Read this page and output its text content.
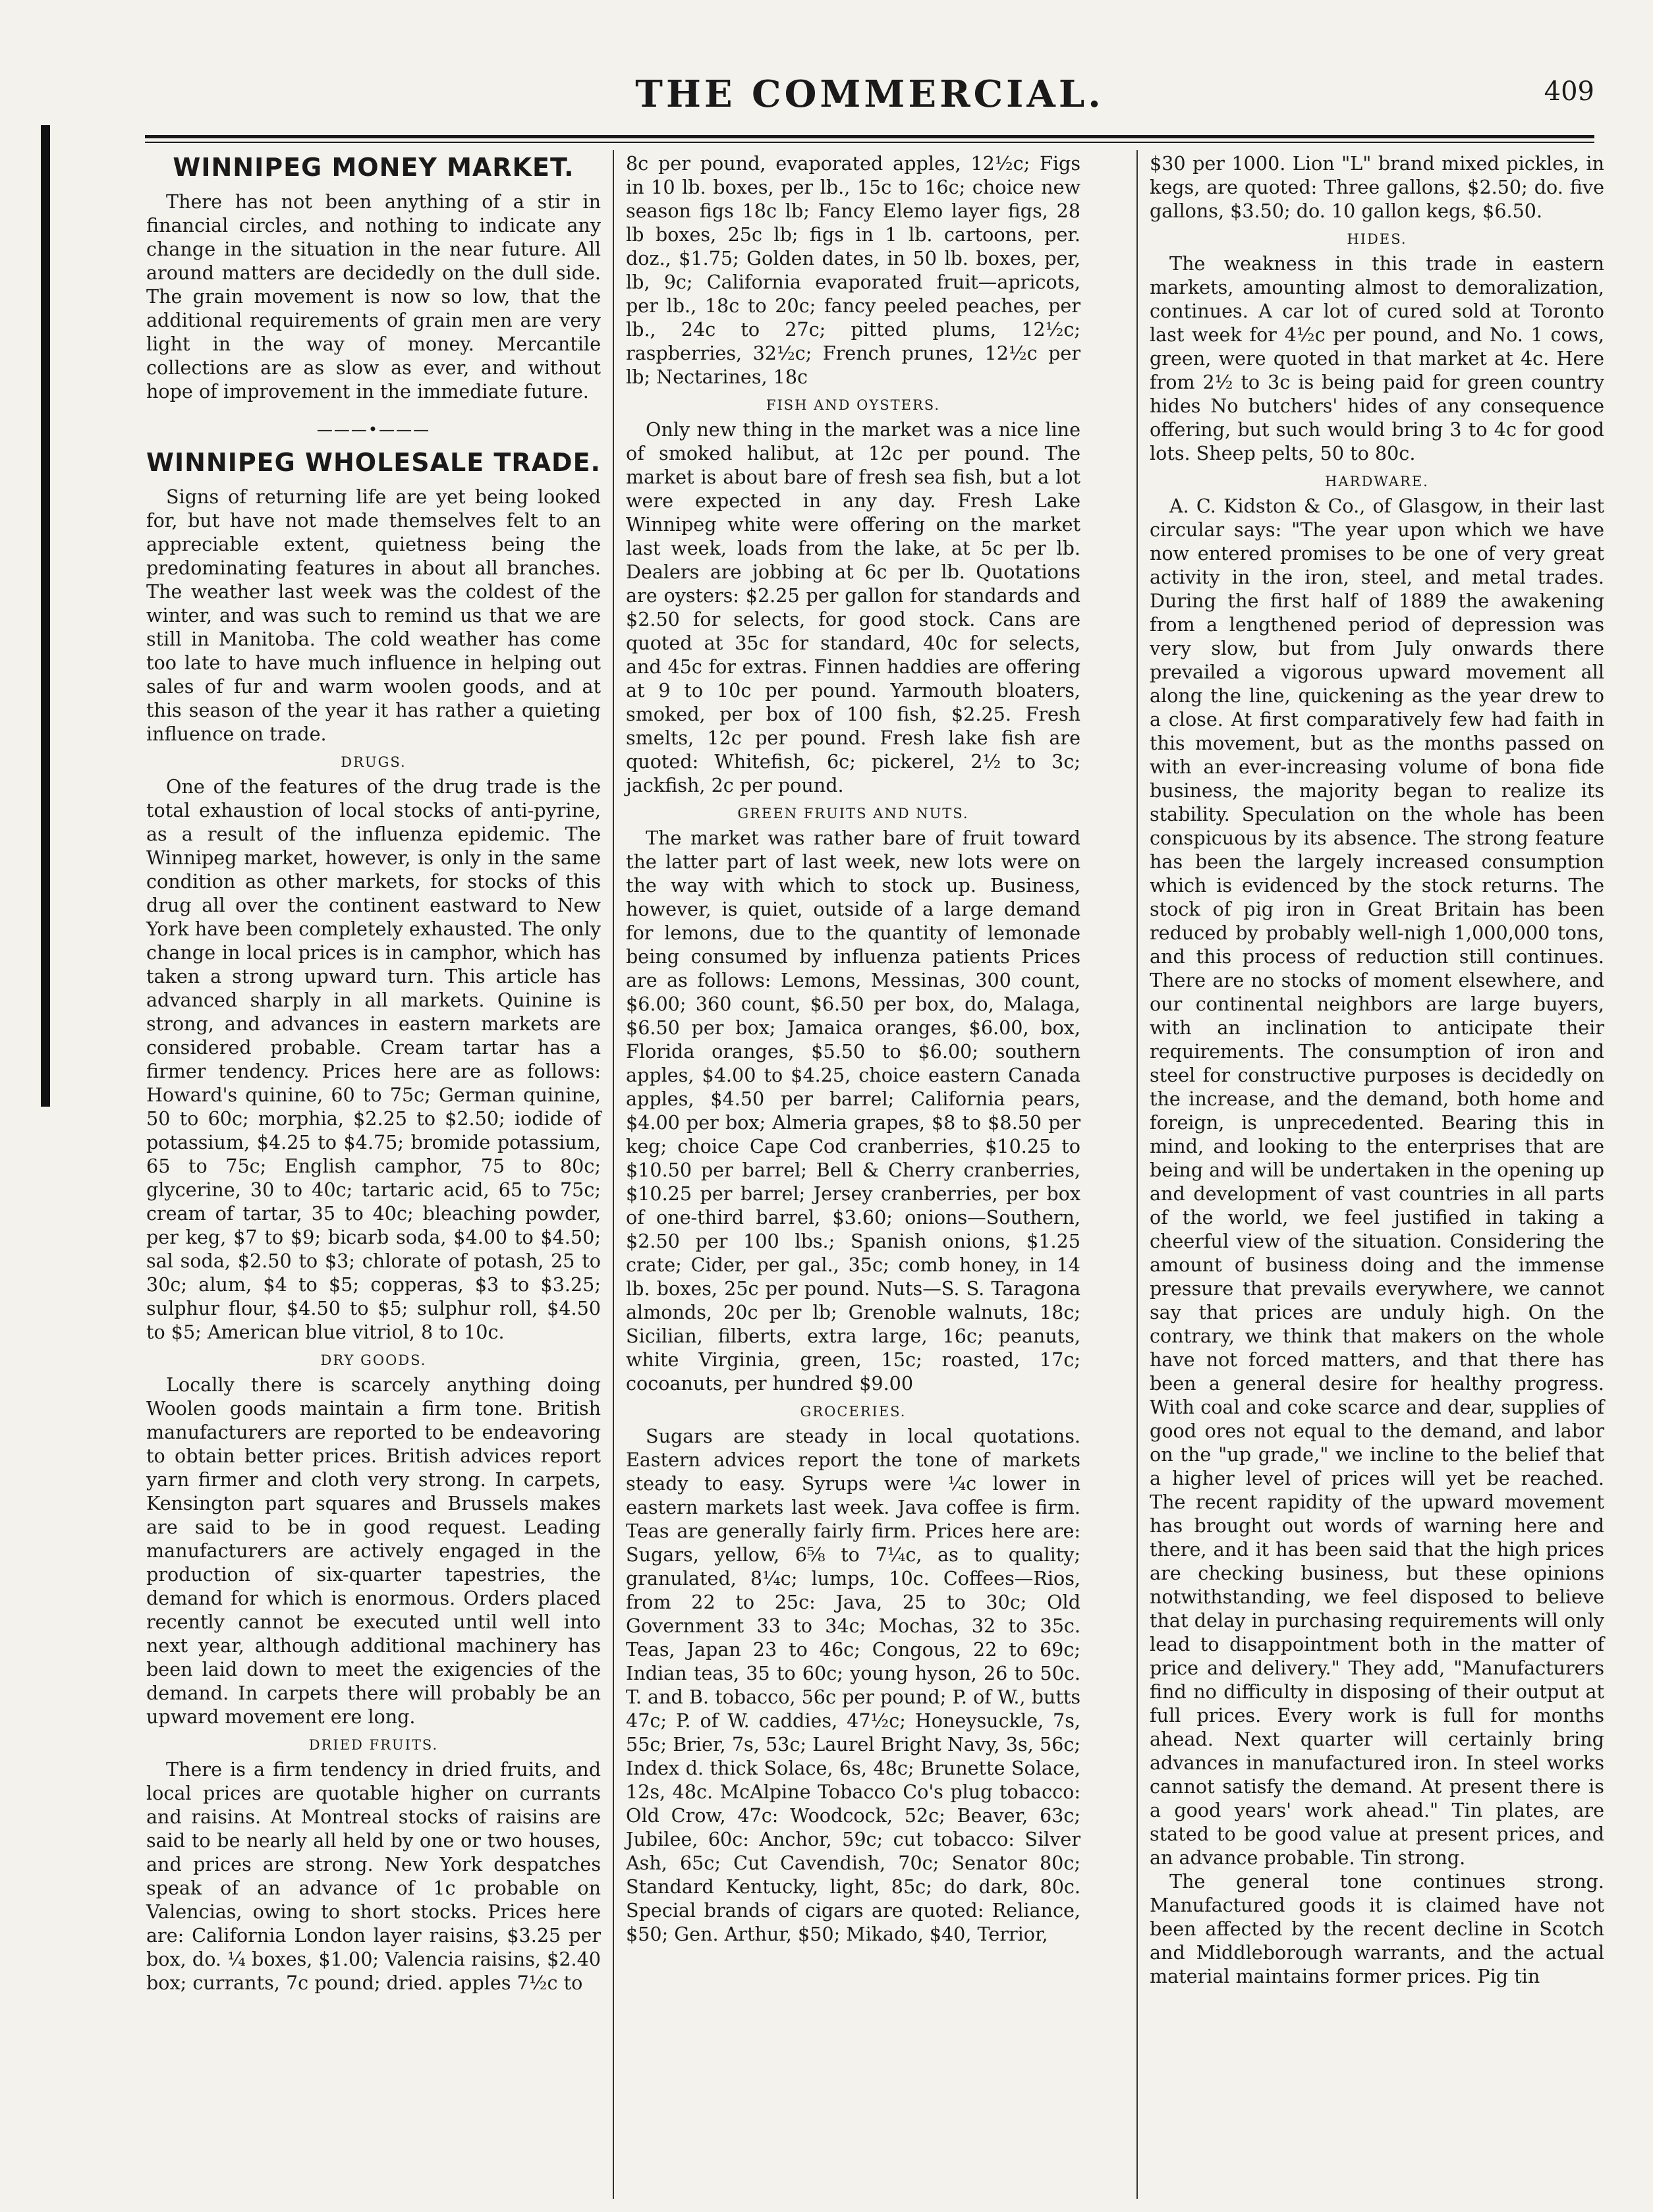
THE COMMERCIAL.	409
WINNIPEG MONEY MARKET.

There has not been anything of a stir in financial circles, and nothing to indicate any change in the situation in the near future. All around matters are decidedly on the dull side. The grain movement is now so low, that the additional requirements of grain men are very light in the way of money. Mercantile collections are as slow as ever, and without hope of improvement in the immediate future.

———•———
WINNIPEG WHOLESALE TRADE.

Signs of returning life are yet being looked for, but have not made themselves felt to an appreciable extent, quietness being the predominating features in about all branches. The weather last week was the coldest of the winter, and was such to remind us that we are still in Manitoba. The cold weather has come too late to have much influence in helping out sales of fur and warm woolen goods, and at this season of the year it has rather a quieting influence on trade.

DRUGS.

One of the features of the drug trade is the total exhaustion of local stocks of anti-pyrine, as a result of the influenza epidemic. The Winnipeg market, however, is only in the same condition as other markets, for stocks of this drug all over the continent eastward to New York have been completely exhausted. The only change in local prices is in camphor, which has taken a strong upward turn. This article has advanced sharply in all markets. Quinine is strong, and advances in eastern markets are considered probable. Cream tartar has a firmer tendency. Prices here are as follows: Howard's quinine, 60 to 75c; German quinine, 50 to 60c; morphia, $2.25 to $2.50; iodide of potassium, $4.25 to $4.75; bromide potassium, 65 to 75c; English camphor, 75 to 80c; glycerine, 30 to 40c; tartaric acid, 65 to 75c; cream of tartar, 35 to 40c; bleaching powder, per keg, $7 to $9; bicarb soda, $4.00 to $4.50; sal soda, $2.50 to $3; chlorate of potash, 25 to 30c; alum, $4 to $5; copperas, $3 to $3.25; sulphur flour, $4.50 to $5; sulphur roll, $4.50 to $5; American blue vitriol, 8 to 10c.

DRY GOODS.

Locally there is scarcely anything doing Woolen goods maintain a firm tone. British manufacturers are reported to be endeavoring to obtain better prices. British advices report yarn firmer and cloth very strong. In carpets, Kensington part squares and Brussels makes are said to be in good request. Leading manufacturers are actively engaged in the production of six-quarter tapestries, the demand for which is enormous. Orders placed recently cannot be executed until well into next year, although additional machinery has been laid down to meet the exigencies of the demand. In carpets there will probably be an upward movement ere long.

DRIED FRUITS.

There is a firm tendency in dried fruits, and local prices are quotable higher on currants and raisins. At Montreal stocks of raisins are said to be nearly all held by one or two houses, and prices are strong. New York despatches speak of an advance of 1c probable on Valencias, owing to short stocks. Prices here are: California London layer raisins, $3.25 per box, do. ¼ boxes, $1.00; Valencia raisins, $2.40 box; currants, 7c pound; dried. apples 7½c to

8c per pound, evaporated apples, 12½c; Figs in 10 lb. boxes, per lb., 15c to 16c; choice new season figs 18c lb; Fancy Elemo layer figs, 28 lb boxes, 25c lb; figs in 1 lb. cartoons, per. doz., $1.75; Golden dates, in 50 lb. boxes, per, lb, 9c; California evaporated fruit—apricots, per lb., 18c to 20c; fancy peeled peaches, per lb., 24c to 27c; pitted plums, 12½c; raspberries, 32½c; French prunes, 12½c per lb; Nectarines, 18c

FISH AND OYSTERS.

Only new thing in the market was a nice line of smoked halibut, at 12c per pound. The market is about bare of fresh sea fish, but a lot were expected in any day. Fresh Lake Winnipeg white were offering on the market last week, loads from the lake, at 5c per lb. Dealers are jobbing at 6c per lb. Quotations are oysters: $2.25 per gallon for standards and $2.50 for selects, for good stock. Cans are quoted at 35c for standard, 40c for selects, and 45c for extras. Finnen haddies are offering at 9 to 10c per pound. Yarmouth bloaters, smoked, per box of 100 fish, $2.25. Fresh smelts, 12c per pound. Fresh lake fish are quoted: Whitefish, 6c; pickerel, 2½ to 3c; jackfish, 2c per pound.

GREEN FRUITS AND NUTS.

The market was rather bare of fruit toward the latter part of last week, new lots were on the way with which to stock up. Business, however, is quiet, outside of a large demand for lemons, due to the quantity of lemonade being consumed by influenza patients Prices are as follows: Lemons, Messinas, 300 count, $6.00; 360 count, $6.50 per box, do, Malaga, $6.50 per box; Jamaica oranges, $6.00, box, Florida oranges, $5.50 to $6.00; southern apples, $4.00 to $4.25, choice eastern Canada apples, $4.50 per barrel; California pears, $4.00 per box; Almeria grapes, $8 to $8.50 per keg; choice Cape Cod cranberries, $10.25 to $10.50 per barrel; Bell & Cherry cranberries, $10.25 per barrel; Jersey cranberries, per box of one-third barrel, $3.60; onions—Southern, $2.50 per 100 lbs.; Spanish onions, $1.25 crate; Cider, per gal., 35c; comb honey, in 14 lb. boxes, 25c per pound. Nuts—S. S. Taragona almonds, 20c per lb; Grenoble walnuts, 18c; Sicilian, filberts, extra large, 16c; peanuts, white Virginia, green, 15c; roasted, 17c; cocoanuts, per hundred $9.00

GROCERIES.

Sugars are steady in local quotations. Eastern advices report the tone of markets steady to easy. Syrups were ¼c lower in eastern markets last week. Java coffee is firm. Teas are generally fairly firm. Prices here are: Sugars, yellow, 6⅝ to 7¼c, as to quality; granulated, 8¼c; lumps, 10c. Coffees—Rios, from 22 to 25c: Java, 25 to 30c; Old Government 33 to 34c; Mochas, 32 to 35c. Teas, Japan 23 to 46c; Congous, 22 to 69c; Indian teas, 35 to 60c; young hyson, 26 to 50c. T. and B. tobacco, 56c per pound; P. of W., butts 47c; P. of W. caddies, 47½c; Honeysuckle, 7s, 55c; Brier, 7s, 53c; Laurel Bright Navy, 3s, 56c; Index d. thick Solace, 6s, 48c; Brunette Solace, 12s, 48c. McAlpine Tobacco Co's plug tobacco: Old Crow, 47c: Woodcock, 52c; Beaver, 63c; Jubilee, 60c: Anchor, 59c; cut tobacco: Silver Ash, 65c; Cut Cavendish, 70c; Senator 80c; Standard Kentucky, light, 85c; do dark, 80c. Special brands of cigars are quoted: Reliance, $50; Gen. Arthur, $50; Mikado, $40, Terrior,

$30 per 1000. Lion "L" brand mixed pickles, in kegs, are quoted: Three gallons, $2.50; do. five gallons, $3.50; do. 10 gallon kegs, $6.50.

HIDES.

The weakness in this trade in eastern markets, amounting almost to demoralization, continues. A car lot of cured sold at Toronto last week for 4½c per pound, and No. 1 cows, green, were quoted in that market at 4c. Here from 2½ to 3c is being paid for green country hides No butchers' hides of any consequence offering, but such would bring 3 to 4c for good lots. Sheep pelts, 50 to 80c.

HARDWARE.

A. C. Kidston & Co., of Glasgow, in their last circular says: "The year upon which we have now entered promises to be one of very great activity in the iron, steel, and metal trades. During the first half of 1889 the awakening from a lengthened period of depression was very slow, but from July onwards there prevailed a vigorous upward movement all along the line, quickening as the year drew to a close. At first comparatively few had faith in this movement, but as the months passed on with an ever-increasing volume of bona fide business, the majority began to realize its stability. Speculation on the whole has been conspicuous by its absence. The strong feature has been the largely increased consumption which is evidenced by the stock returns. The stock of pig iron in Great Britain has been reduced by probably well-nigh 1,000,000 tons, and this process of reduction still continues. There are no stocks of moment elsewhere, and our continental neighbors are large buyers, with an inclination to anticipate their requirements. The consumption of iron and steel for constructive purposes is decidedly on the increase, and the demand, both home and foreign, is unprecedented. Bearing this in mind, and looking to the enterprises that are being and will be undertaken in the opening up and development of vast countries in all parts of the world, we feel justified in taking a cheerful view of the situation. Considering the amount of business doing and the immense pressure that prevails everywhere, we cannot say that prices are unduly high. On the contrary, we think that makers on the whole have not forced matters, and that there has been a general desire for healthy progress. With coal and coke scarce and dear, supplies of good ores not equal to the demand, and labor on the "up grade," we incline to the belief that a higher level of prices will yet be reached. The recent rapidity of the upward movement has brought out words of warning here and there, and it has been said that the high prices are checking business, but these opinions notwithstanding, we feel disposed to believe that delay in purchasing requirements will only lead to disappointment both in the matter of price and delivery." They add, "Manufacturers find no difficulty in disposing of their output at full prices. Every work is full for months ahead. Next quarter will certainly bring advances in manufactured iron. In steel works cannot satisfy the demand. At present there is a good years' work ahead." Tin plates, are stated to be good value at present prices, and an advance probable. Tin strong.

The general tone continues strong. Manufactured goods it is claimed have not been affected by the recent decline in Scotch and Middleborough warrants, and the actual material maintains former prices. Pig tin
